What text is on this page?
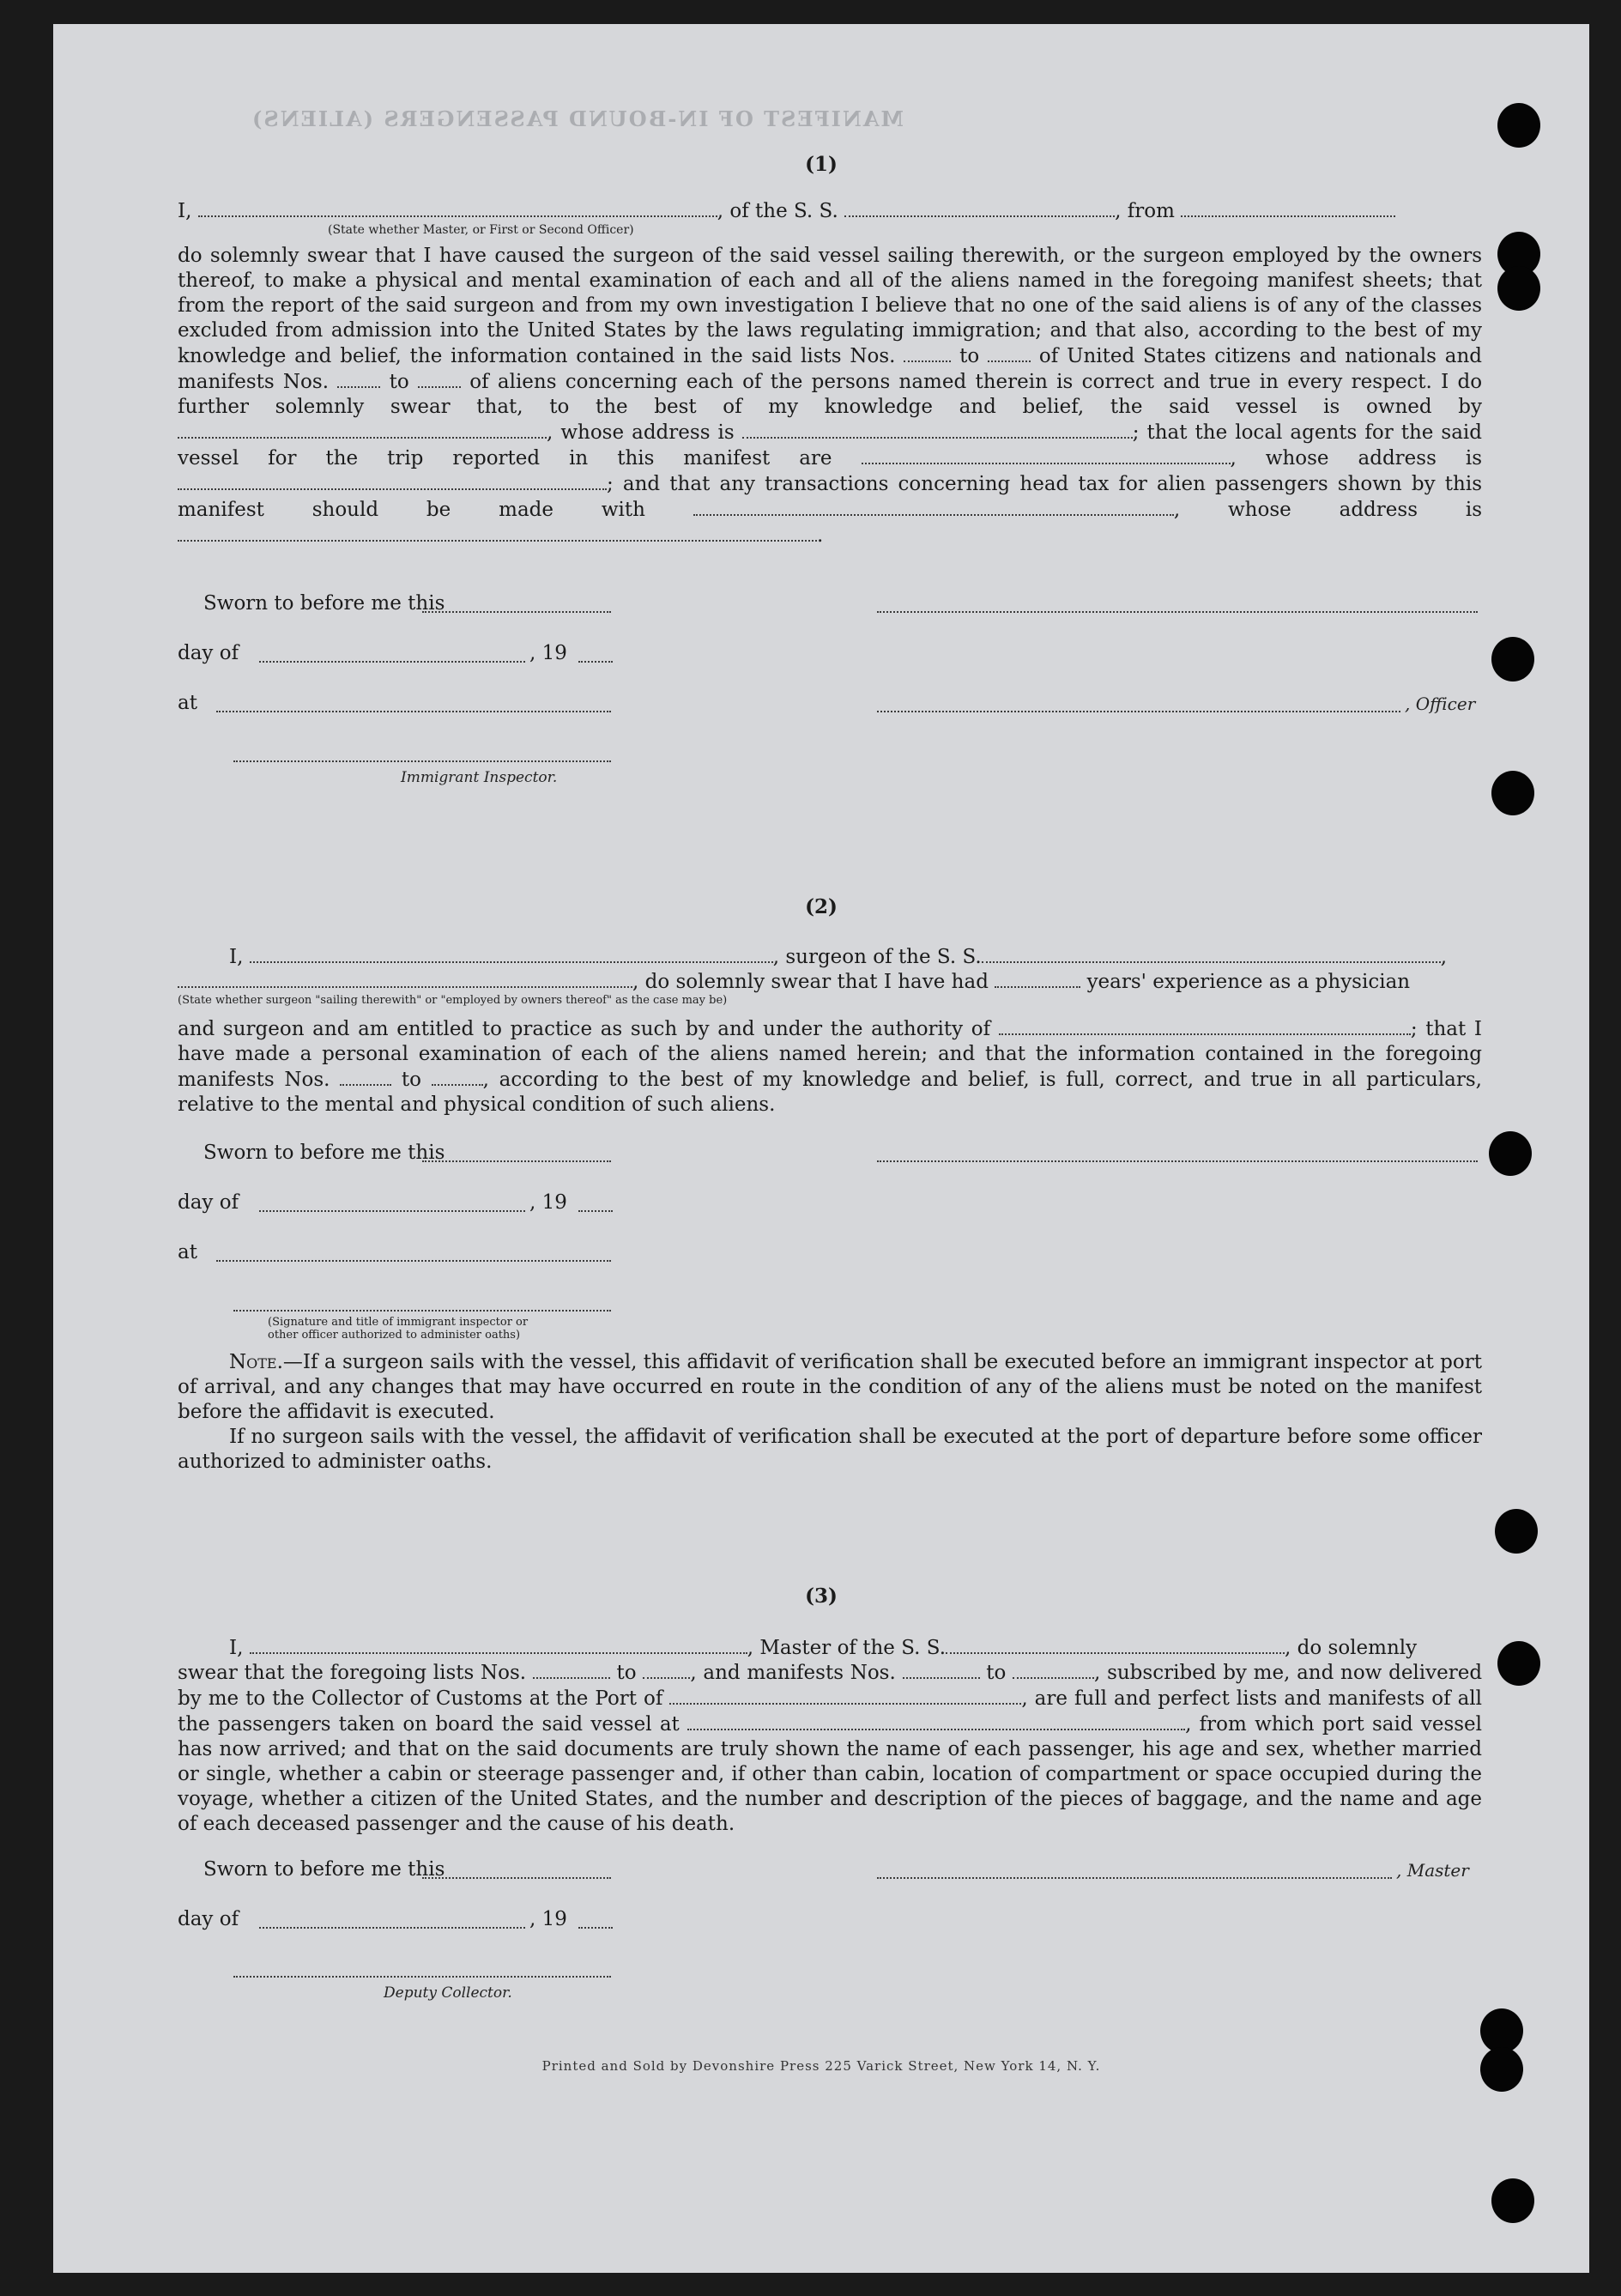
MANIFEST OF IN-BOUND PASSENGERS (ALIENS)
(1)
I,	, of the S. S.	, from
(State whether Master, or First or Second Officer)
do solemnly swear that I have caused the surgeon of the said vessel sailing therewith, or the surgeon employed by the owners thereof, to make a physical and mental examination of each and all of the aliens named in the foregoing manifest sheets; that from the report of the said surgeon and from my own investigation I believe that no one of the said aliens is of any of the classes excluded from admission into the United States by the laws regulating immigration; and that also, according to the best of my knowledge and belief, the information contained in the said lists Nos.	to	of United States citizens and nationals and manifests Nos.	to	of aliens concerning each of the persons named therein is correct and true in every respect. I do further solemnly swear that, to the best of my knowledge and belief, the said vessel is owned by , whose address is	; that the local agents for the said vessel for the trip reported in this manifest are	, whose address is ; and that any transactions concerning head tax for alien passengers shown by this manifest should be made with	, whose address is .
Sworn to before me this
day of	, 19
at	, Officer
Immigrant Inspector.
(2)
I,	, surgeon of the S. S.	,
, do solemnly swear that I have had	years' experience as a physician
(State whether surgeon "sailing therewith" or "employed by owners thereof" as the case may be)
and surgeon and am entitled to practice as such by and under the authority of	; that I have made a personal examination of each of the aliens named herein; and that the information contained in the foregoing manifests Nos.	to	, according to the best of my knowledge and belief, is full, correct, and true in all particulars, relative to the mental and physical condition of such aliens.
Sworn to before me this
day of	, 19
at
(Signature and title of immigrant inspector or
other officer authorized to administer oaths)
Note.—If a surgeon sails with the vessel, this affidavit of verification shall be executed before an immigrant inspector at port of arrival, and any changes that may have occurred en route in the condition of any of the aliens must be noted on the manifest before the affidavit is executed.
If no surgeon sails with the vessel, the affidavit of verification shall be executed at the port of departure before some officer authorized to administer oaths.
(3)
I,	, Master of the S. S.	, do solemnly
swear that the foregoing lists Nos.	to	, and manifests Nos.	to	, subscribed by me, and now delivered by me to the Collector of Customs at the Port of	, are full and perfect lists and manifests of all the passengers taken on board the said vessel at	, from which port said vessel has now arrived; and that on the said documents are truly shown the name of each passenger, his age and sex, whether married or single, whether a cabin or steerage passenger and, if other than cabin, location of compartment or space occupied during the voyage, whether a citizen of the United States, and the number and description of the pieces of baggage, and the name and age of each deceased passenger and the cause of his death.
Sworn to before me this	, Master
day of	, 19
Deputy Collector.
Printed and Sold by Devonshire Press 225 Varick Street, New York 14, N. Y.
